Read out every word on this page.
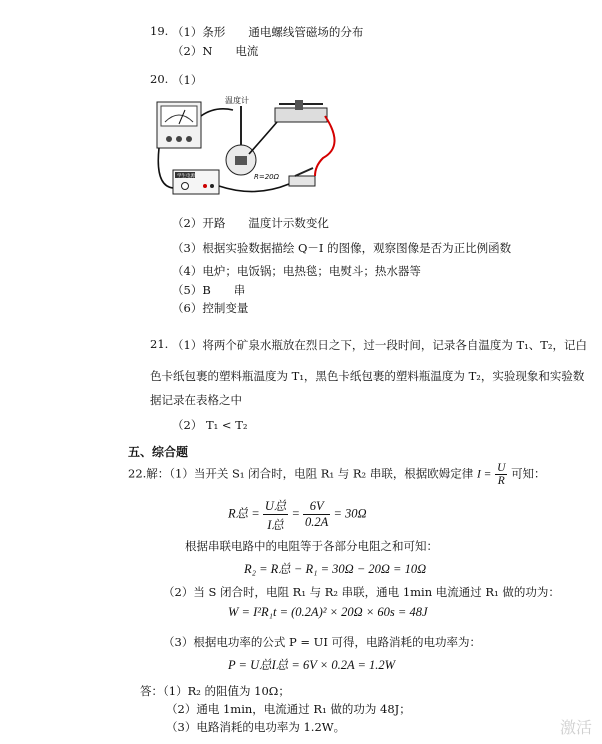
19. （1）条形　　通电螺线管磁场的分布
（2）N　　电流
20. （1）
温度计
R=20Ω
学生电源
（2）开路　　温度计示数变化
（3）根据实验数据描绘 Q－I 的图像，观察图像是否为正比例函数
（4）电炉；电饭锅；电热毯；电熨斗；热水器等
（5）B　　串
（6）控制变量
21. （1）将两个矿泉水瓶放在烈日之下，过一段时间，记录各自温度为 T₁、T₂，记白
色卡纸包裹的塑料瓶温度为 T₁，黑色卡纸包裹的塑料瓶温度为 T₂，实验现象和实验数
据记录在表格之中
（2） T₁ < T₂
五、综合题
22.解：（1）当开关 S₁ 闭合时，电阻 R₁ 与 R₂ 串联，根据欧姆定律 $I = \frac{U}{R}$ 可知：
R总 = $\frac{\text{U总}}{\text{I总}} = \frac{6V}{0.2A} = 30\Omega$
根据串联电路中的电阻等于各部分电阻之和可知：
R₂ = R总 − R₁ = 30Ω − 20Ω = 10Ω
（2）当 S 闭合时，电阻 R₁ 与 R₂ 串联，通电 1min 电流通过 R₁ 做的功为：
W = I²R₁t = (0.2A)² × 20Ω × 60s = 48J
（3）根据电功率的公式 P = UI 可得，电路消耗的电功率为：
P = U总I总 = 6V × 0.2A = 1.2W
答：（1）R₂ 的阻值为 10Ω；
（2）通电 1min，电流通过 R₁ 做的功为 48J；
（3）电路消耗的电功率为 1.2W。	激活
